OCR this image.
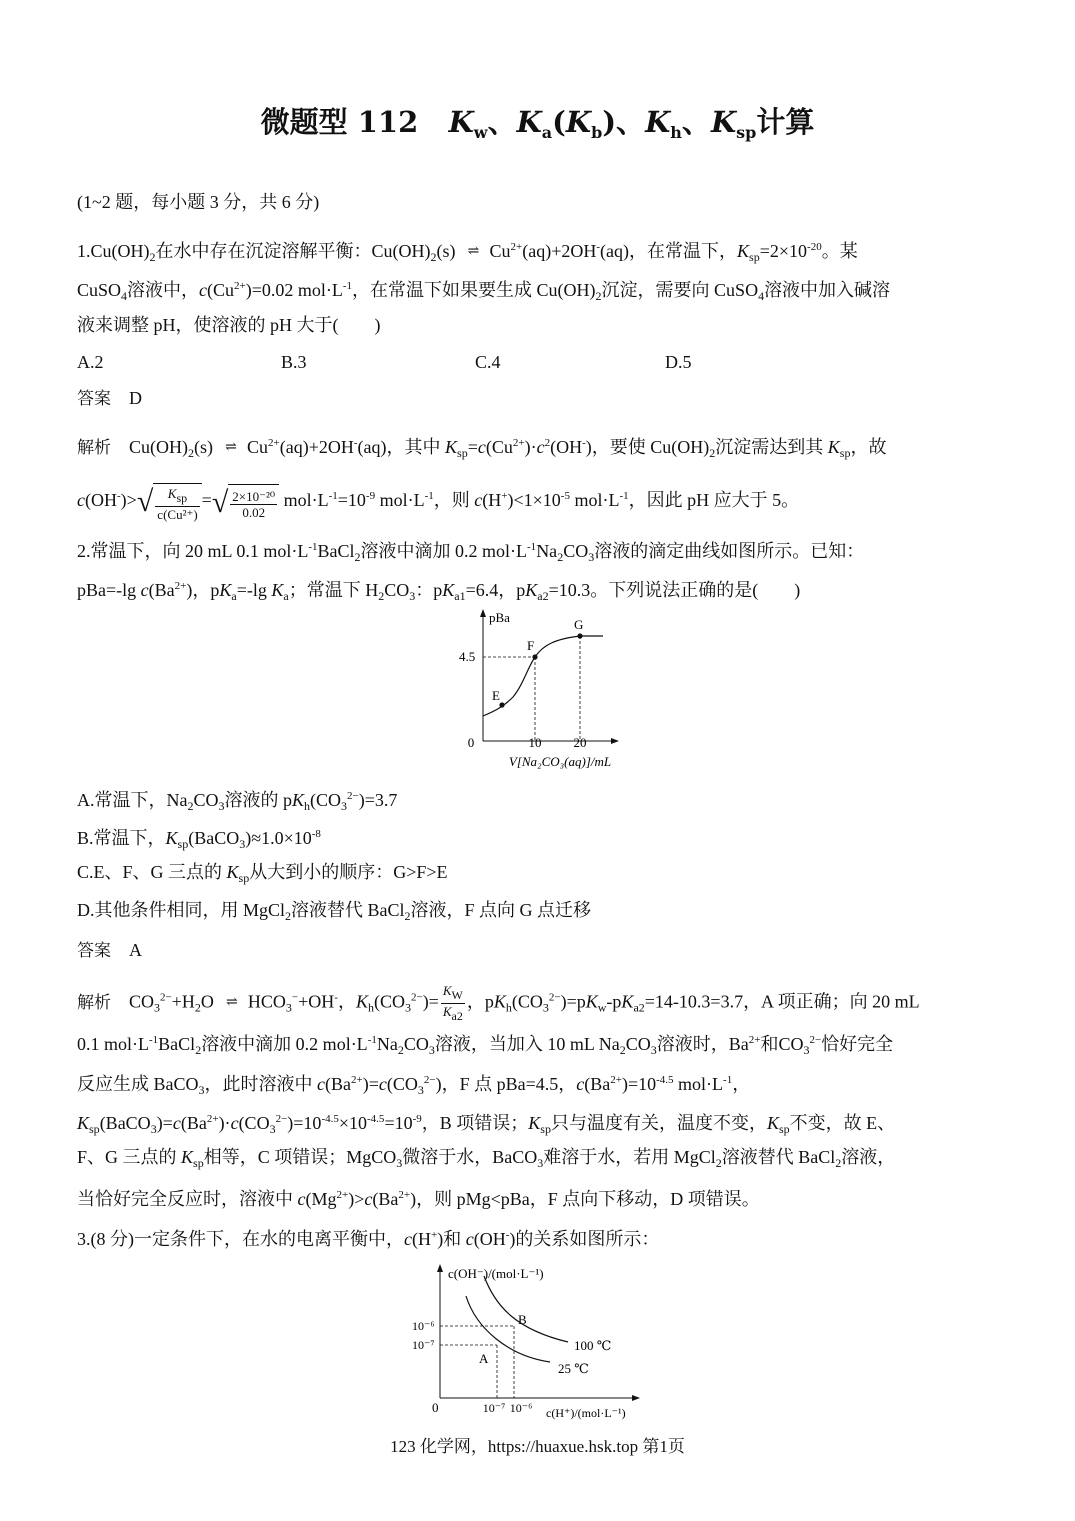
微题型 112 $K_w$、$K_a(K_b)$、$K_h$、$K_{sp}$计算
(1~2 题，每小题 3 分，共 6 分)
$1.Cu(OH)_2$在水中存在沉淀溶解平衡：$Cu(OH)_2(s)$ ⇌ $Cu^{2+}(aq)+2OH^-(aq)$，在常温下，$K_{sp}=2\times 10^{-20}$。某
CuSO$_4$溶液中，$c(Cu^{2+})=0.02$ $mol\cdot L^{-1}$，在常温下如果要生成 $Cu(OH)_2$沉淀，需要向 CuSO$_4$溶液中加入碱溶
液来调整 pH，使溶液的 pH 大于(　　)
A.2	B.3	C.4	D.5
答案 D
解析 $Cu(OH)_2(s)$ ⇌ $Cu^{2+}(aq)+2OH^-(aq)$，其中 $K_{sp}=c(Cu^{2+})\cdot c^2(OH^-)$，要使 $Cu(OH)_2$沉淀需达到其 $K_{sp}$，故
$c(OH^-)>√ \frac{K_{sp}}{\text{c(Cu²⁺)}}$ =√ $\frac{\text{2×10⁻²⁰}}{0.02} mol\cdot L^{-1}=10^{-9}$ $mol\cdot L^{-1}$，则 $c(H^+)<1\times 10^{-5}$ $mol\cdot L^{-1}$，因此 pH 应大于 5。
2.常温下，向 20 mL 0.1 $mol\cdot L^{-1}BaCl_2$溶液中滴加 0.2 $mol\cdot L^{-1}Na_2CO_3$溶液的滴定曲线如图所示。已知：
pBa=-lg $c(Ba^{2+})$，$pK_a=-\lg$ $K_a$；常温下 $H_2CO_3$：$pK_{a1}=6.4$，$pK_{a2}=10.3$。下列说法正确的是(　　)
pBa
0	10 20
4.5
E
F
G
V[Na₂CO₃(aq)]/mL
A.常温下，$Na_2CO_3$溶液的 $pK_h(CO_3^{2-})=3.7$
B.常温下，$K_{sp}(BaCO_3)\approx 1.0\times 10^{-8}$
C.E、F、G 三点的 $K_{sp}$从大到小的顺序：G>F>E
D.其他条件相同，用 MgCl$_2$溶液替代 BaCl$_2$溶液，F 点向 G 点迁移
答案 A
解析 $CO_3^{2-}+H_2O$ ⇌ $HCO_3^-+OH^-$，$K_h(CO_3^{2-})= \frac{K_W}{K_{a2}}$ ，$pK_h(CO_3^{2-})=pK_w-pK_{a2}=14-10.3=3.7$，A 项正确；向 20 mL
0.1 $mol\cdot L^{-1}BaCl_2$溶液中滴加 0.2 $mol\cdot L^{-1}Na_2CO_3$溶液，当加入 10 mL $Na_2CO_3$溶液时，$Ba^{2+}$和$CO_3^{2-}$恰好完全
反应生成 BaCO$_3$，此时溶液中 $c(Ba^{2+})=c(CO_3^{2-})$，F 点 pBa=4.5，$c(Ba^{2+})=10^{-4.5}$ $mol\cdot L^{-1}$，
$K_{sp}(BaCO_3)=c(Ba^{2+})\cdot c(CO_3^{2-})=10^{-4.5}\times 10^{-4.5}=10^{-9}$，B 项错误；$K_{sp}$只与温度有关，温度不变，$K_{sp}$不变，故 E、
F、G 三点的 $K_{sp}$相等，C 项错误；MgCO$_3$微溶于水，BaCO$_3$难溶于水，若用 MgCl$_2$溶液替代 BaCl$_2$溶液，
当恰好完全反应时，溶液中 $c(Mg^{2+})>c(Ba^{2+})$，则 pMg<pBa，F 点向下移动，D 项错误。
3.(8 分)一定条件下，在水的电离平衡中，c(H+)和 c(OH-)的关系如图所示：
c(OH⁻)/(mol·L⁻¹)
0
10⁻⁶
10⁻⁷
10⁻⁷ 10⁻⁶
B
A
100 ℃
25 ℃
c(H⁺)/(mol·L⁻¹)
123 化学网，https://huaxue.hsk.top 第1页
